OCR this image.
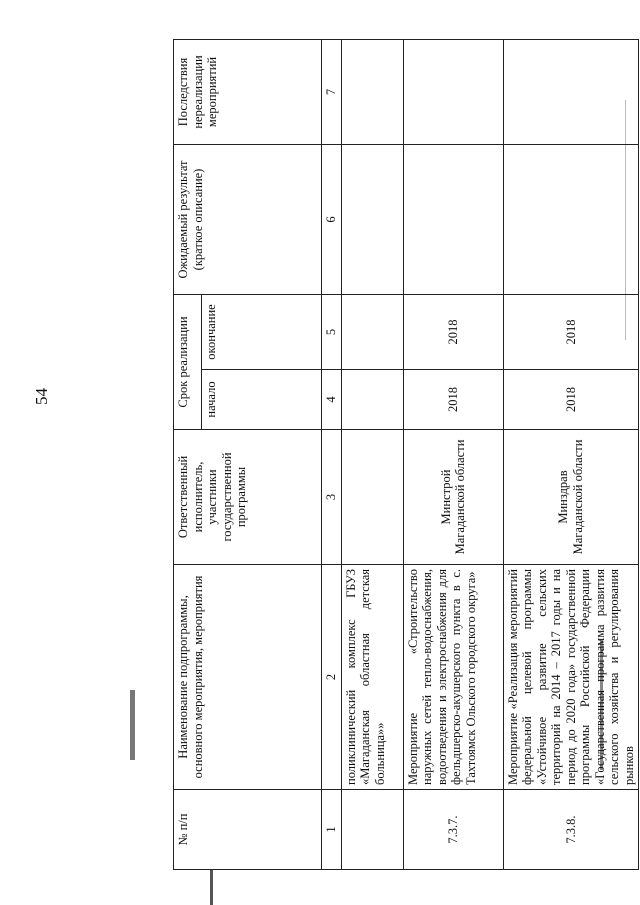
54
№ п/п	Наименование подпрограммы, основного мероприятия, мероприятия	Ответственный исполнитель, участники государственной программы	Срок реализации		Ожидаемый результат (краткое описание)	Последствия нереализации мероприятий
			начало	окончание		
1	2	3	4	5	6	7
	поликлинический комплекс ГБУЗ «Магаданская областная детская больница»»					
7.3.7.	Мероприятие «Строительство наружных сетей тепло-водоснабжения, водоотведения и электроснабжения для фельдшерско-акушерского пункта в с. Тахтоямск Ольского городского округа»	Минстрой Магаданской области	2018	2018		
7.3.8.	Мероприятие «Реализация мероприятий федеральной целевой программы «Устойчивое развитие сельских территорий на 2014 – 2017 годы и на период до 2020 года» государственной программы Российской Федерации «Государственная программа развития сельского хозяйства и регулирования рынков	Минздрав Магаданской области	2018	2018		
